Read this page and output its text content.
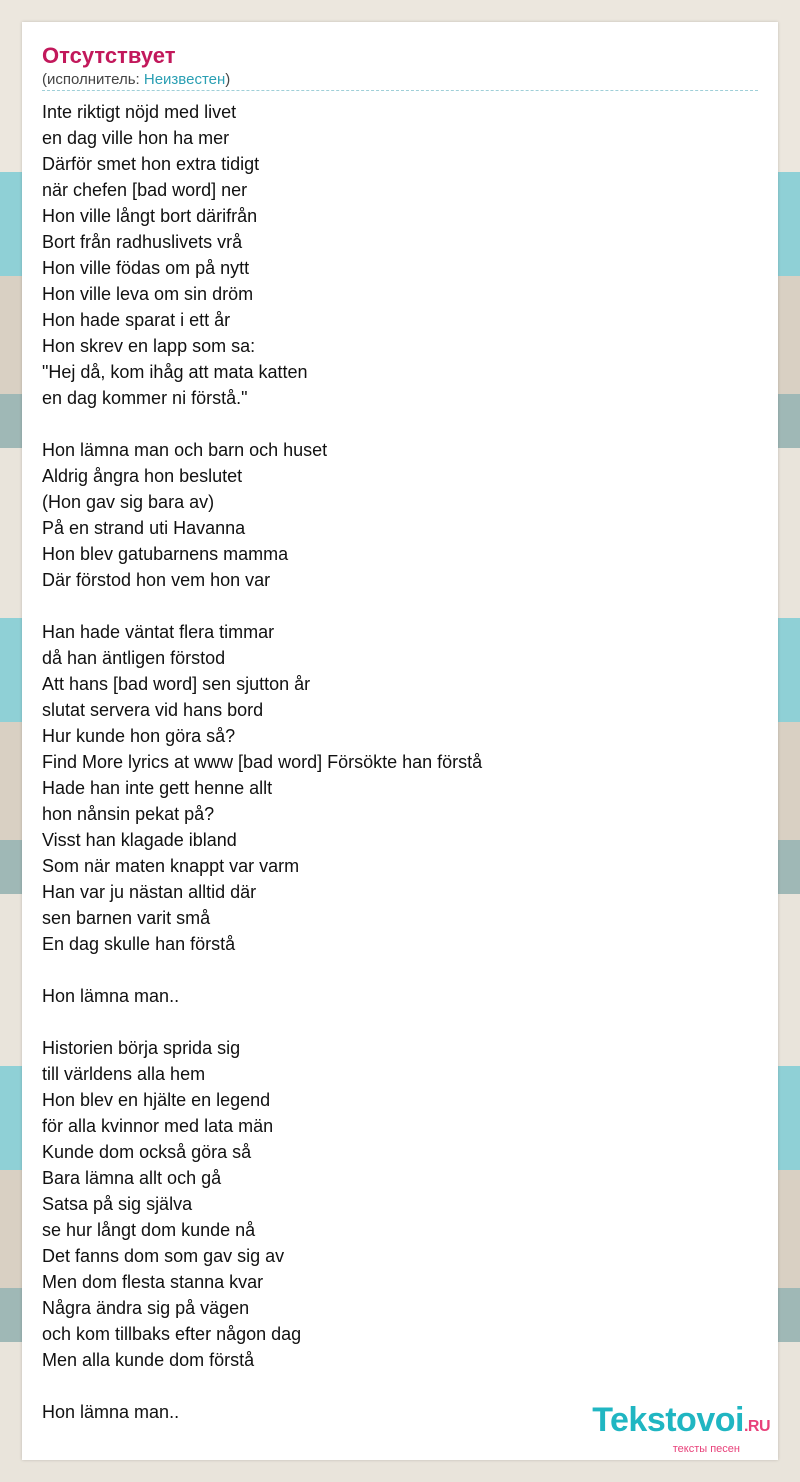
Отсутствует
(исполнитель: Неизвестен)
Inte riktigt nöjd med livet
en dag ville hon ha mer
Därför smet hon extra tidigt
när chefen [bad word] ner
Hon ville långt bort därifrån
Bort från radhuslivets vrå
Hon ville födas om på nytt
Hon ville leva om sin dröm
Hon hade sparat i ett år
Hon skrev en lapp som sa:
"Hej då, kom ihåg att mata katten
en dag kommer ni förstå."
Hon lämna man och barn och huset
Aldrig ångra hon beslutet
(Hon gav sig bara av)
På en strand uti Havanna
Hon blev gatubarnens mamma
Där förstod hon vem hon var
Han hade väntat flera timmar
då han äntligen förstod
Att hans [bad word] sen sjutton år
slutat servera vid hans bord
Hur kunde hon göra så?
Find More lyrics at www [bad word] Försökte han förstå
Hade han inte gett henne allt
hon nånsin pekat på?
Visst han klagade ibland
Som när maten knappt var varm
Han var ju nästan alltid där
sen barnen varit små
En dag skulle han förstå
Hon lämna man..
Historien börja sprida sig
till världens alla hem
Hon blev en hjälte en legend
för alla kvinnor med lata män
Kunde dom också göra så
Bara lämna allt och gå
Satsa på sig själva
se hur långt dom kunde nå
Det fanns dom som gav sig av
Men dom flesta stanna kvar
Några ändra sig på vägen
och kom tillbaks efter någon dag
Men alla kunde dom förstå
Hon lämna man..	Tekstovoi.RU
тексты песен
